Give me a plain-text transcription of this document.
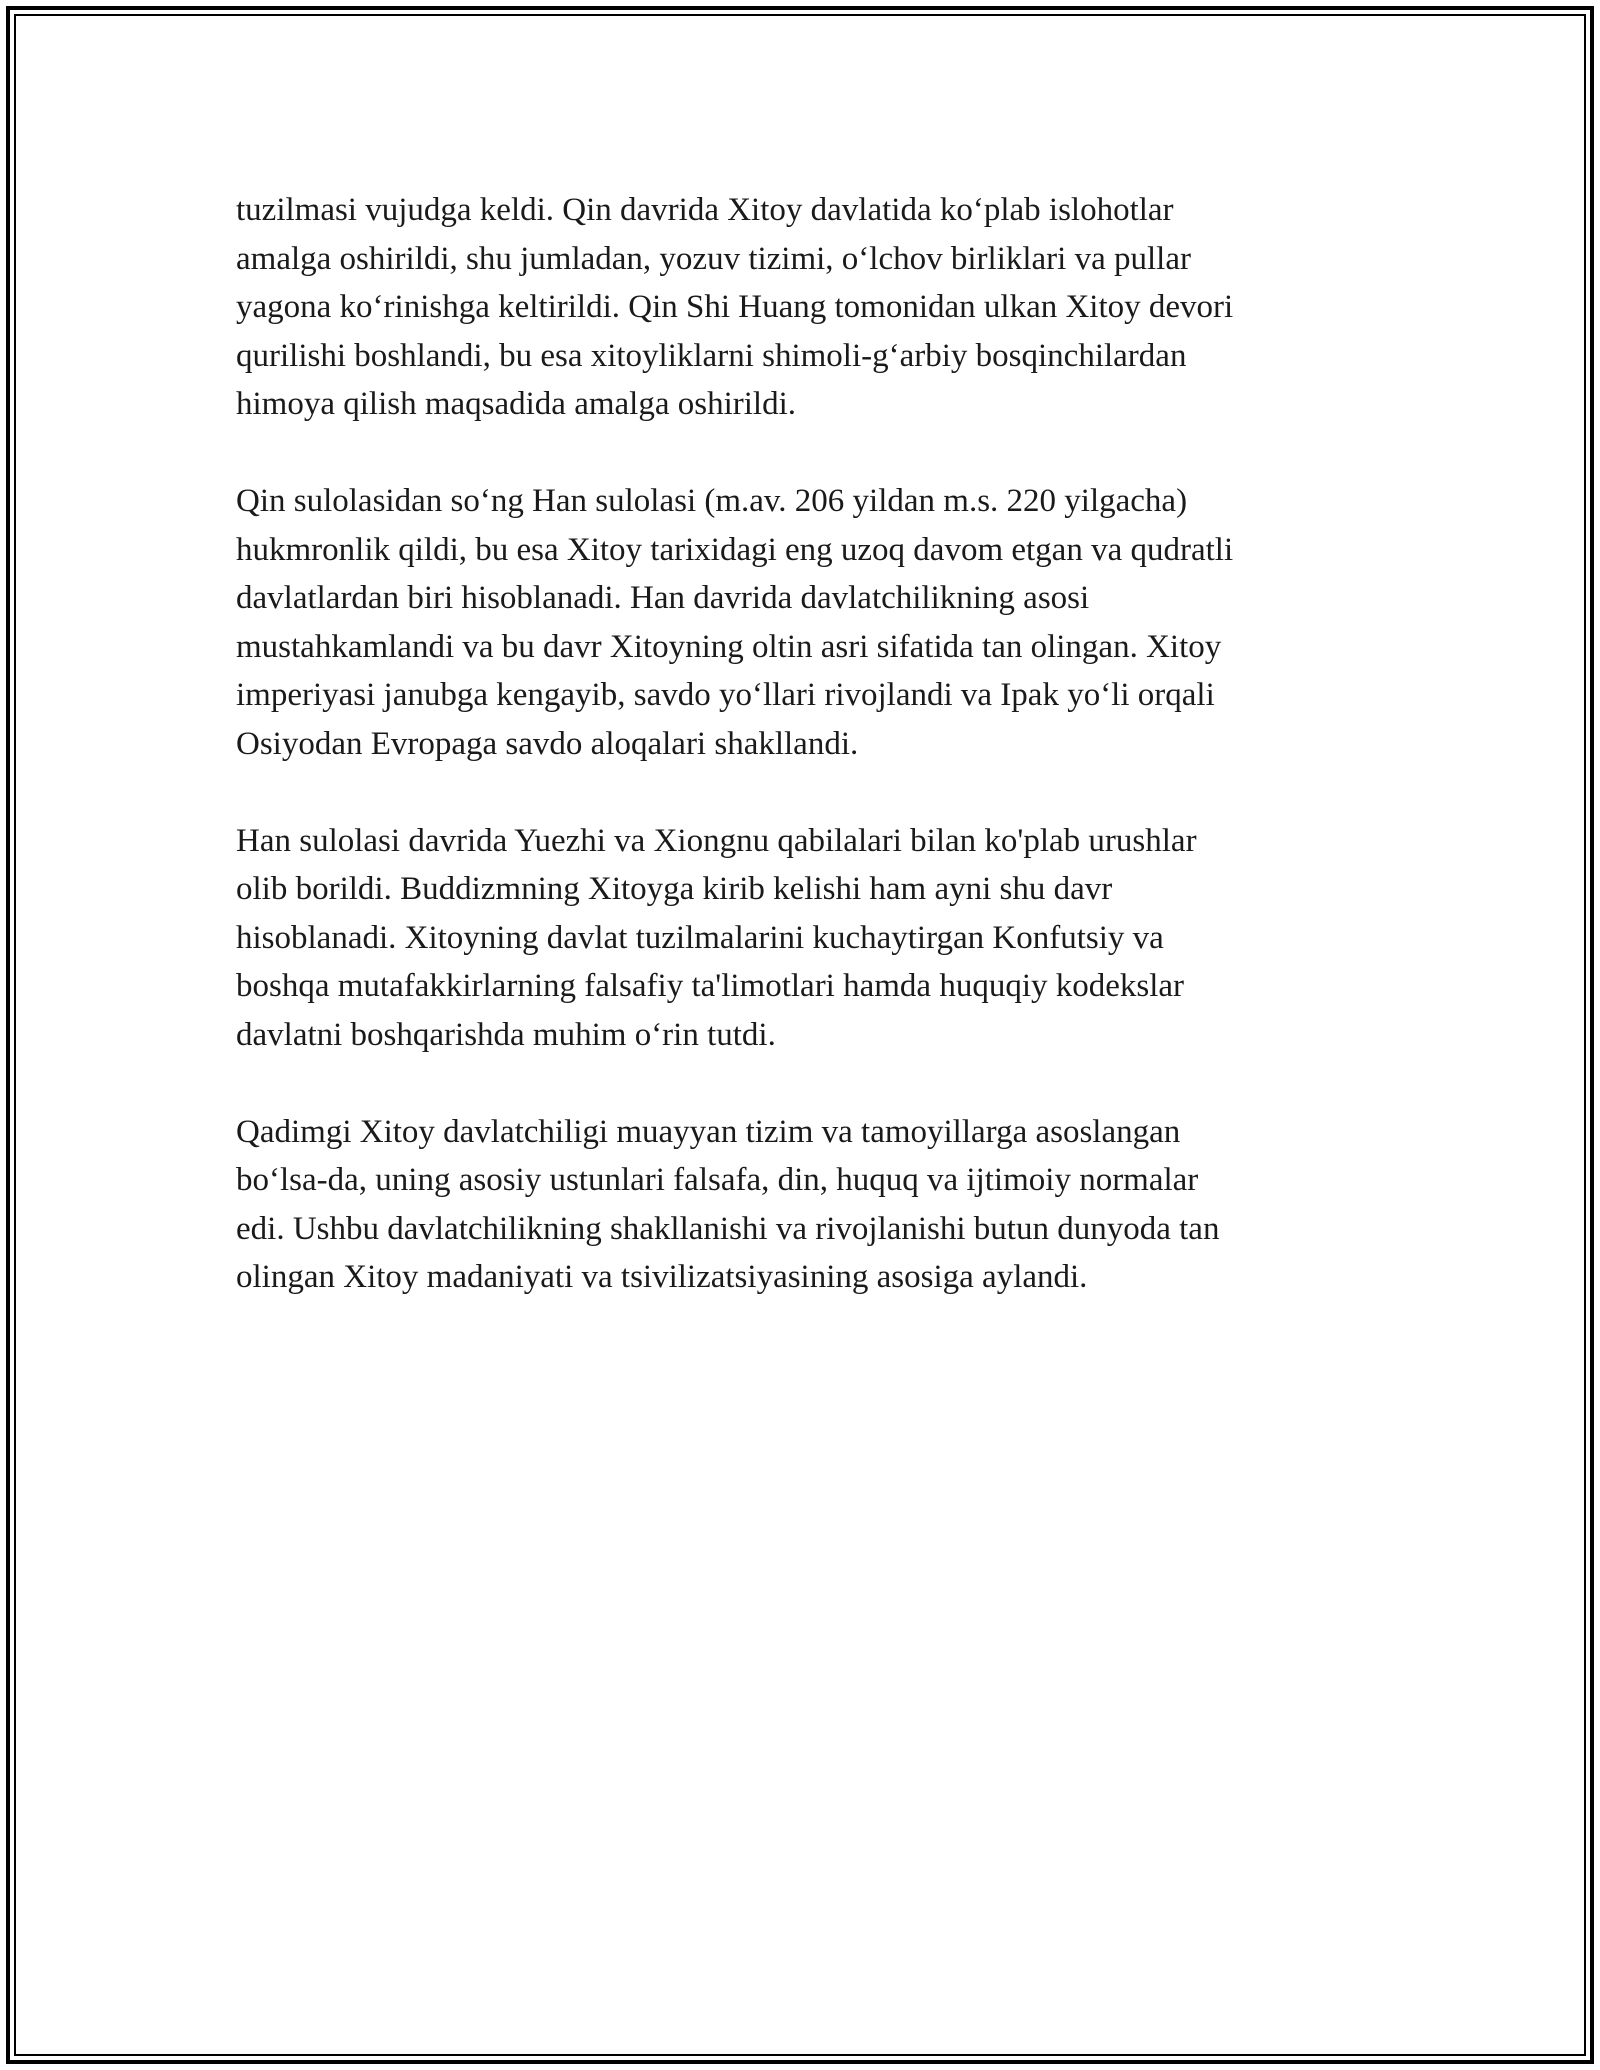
tuzilmasi vujudga keldi. Qin davrida Xitoy davlatida ko‘plab islohotlar
amalga oshirildi, shu jumladan, yozuv tizimi, o‘lchov birliklari va pullar
yagona ko‘rinishga keltirildi. Qin Shi Huang tomonidan ulkan Xitoy devori
qurilishi boshlandi, bu esa xitoyliklarni shimoli-g‘arbiy bosqinchilardan
himoya qilish maqsadida amalga oshirildi.

Qin sulolasidan so‘ng Han sulolasi (m.av. 206 yildan m.s. 220 yilgacha)
hukmronlik qildi, bu esa Xitoy tarixidagi eng uzoq davom etgan va qudratli
davlatlardan biri hisoblanadi. Han davrida davlatchilikning asosi
mustahkamlandi va bu davr Xitoyning oltin asri sifatida tan olingan. Xitoy
imperiyasi janubga kengayib, savdo yo‘llari rivojlandi va Ipak yo‘li orqali
Osiyodan Evropaga savdo aloqalari shakllandi.

Han sulolasi davrida Yuezhi va Xiongnu qabilalari bilan ko'plab urushlar
olib borildi. Buddizmning Xitoyga kirib kelishi ham ayni shu davr
hisoblanadi. Xitoyning davlat tuzilmalarini kuchaytirgan Konfutsiy va
boshqa mutafakkirlarning falsafiy ta'limotlari hamda huquqiy kodekslar
davlatni boshqarishda muhim o‘rin tutdi.

Qadimgi Xitoy davlatchiligi muayyan tizim va tamoyillarga asoslangan
bo‘lsa-da, uning asosiy ustunlari falsafa, din, huquq va ijtimoiy normalar
edi. Ushbu davlatchilikning shakllanishi va rivojlanishi butun dunyoda tan
olingan Xitoy madaniyati va tsivilizatsiyasining asosiga aylandi.
